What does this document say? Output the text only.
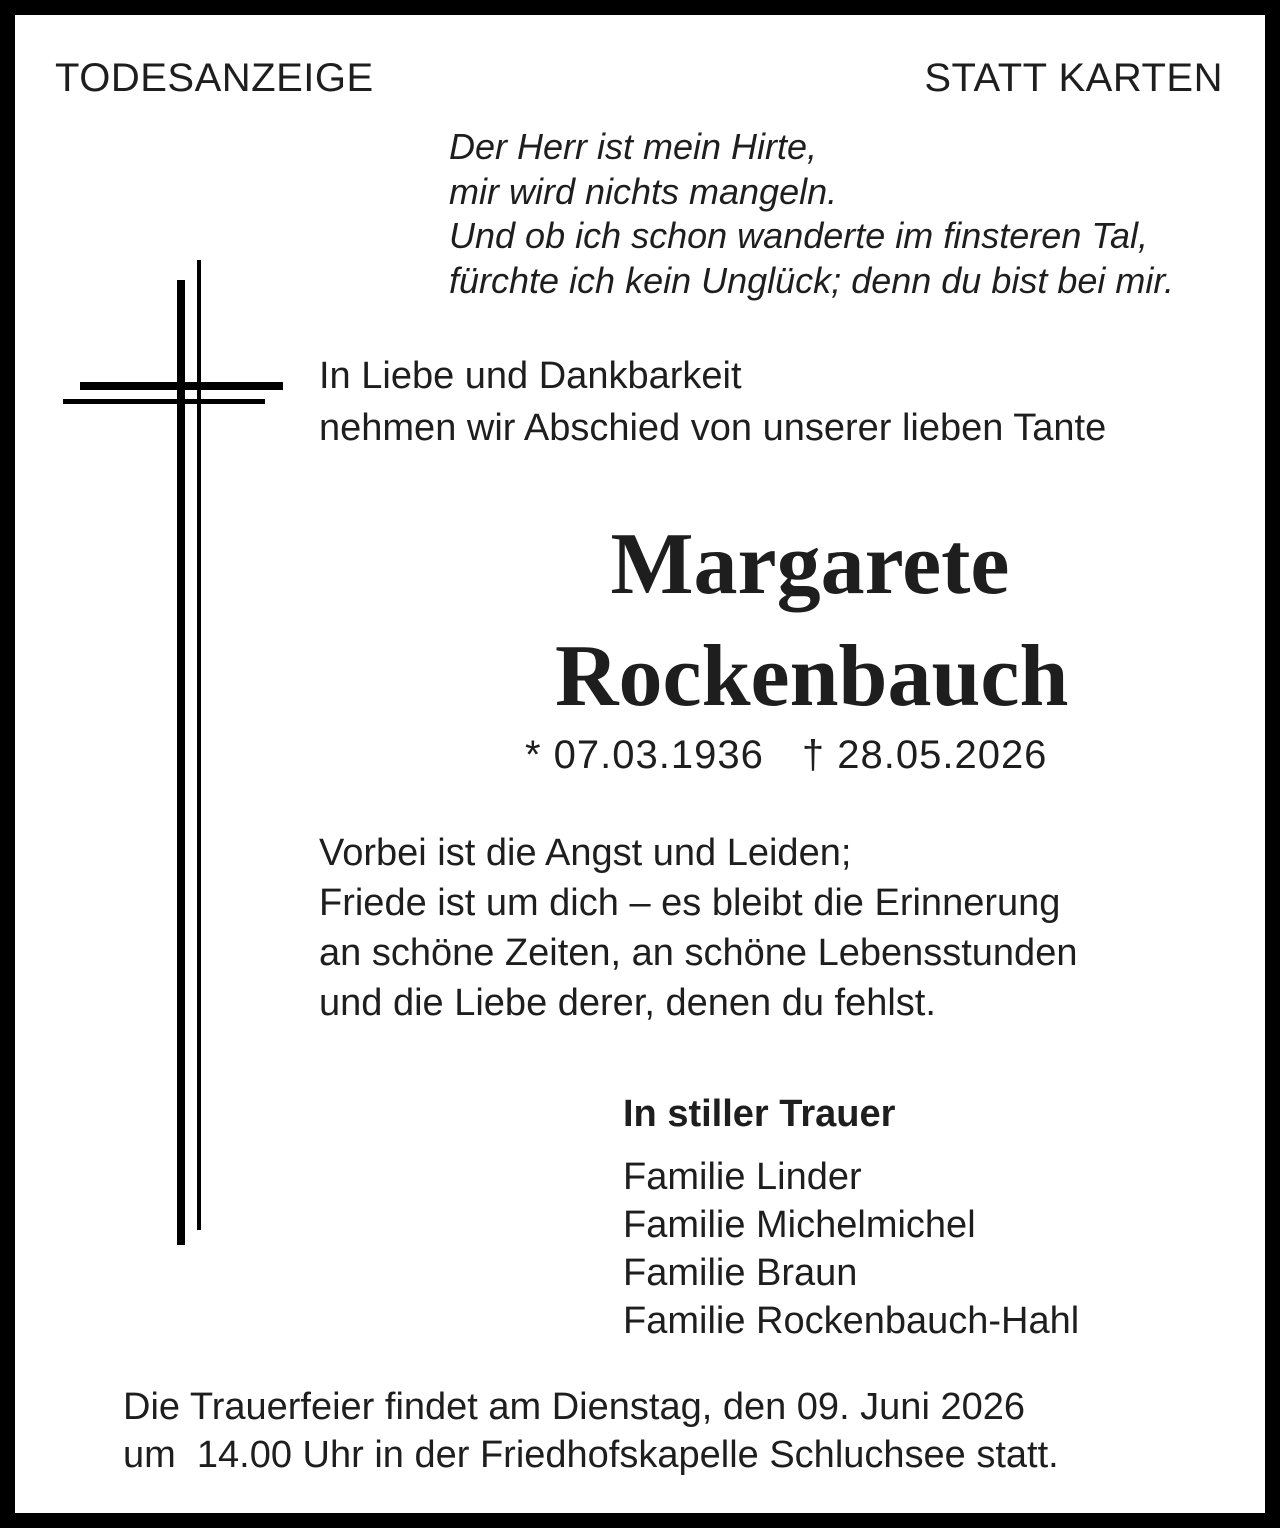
TODESANZEIGE	STATT KARTEN

Der Herr ist mein Hirte,
mir wird nichts mangeln.
Und ob ich schon wanderte im finsteren Tal,
fürchte ich kein Unglück; denn du bist bei mir.
In Liebe und Dankbarkeit
nehmen wir Abschied von unserer lieben Tante
Margarete
Rockenbauch
* 07.03.1936 † 28.05.2026
Vorbei ist die Angst und Leiden;
Friede ist um dich – es bleibt die Erinnerung
an schöne Zeiten, an schöne Lebensstunden
und die Liebe derer, denen du fehlst.
In stiller Trauer
Familie Linder
Familie Michelmichel
Familie Braun
Familie Rockenbauch-Hahl
Die Trauerfeier findet am Dienstag, den 09. Juni 2026
um  14.00 Uhr in der Friedhofskapelle Schluchsee statt.
